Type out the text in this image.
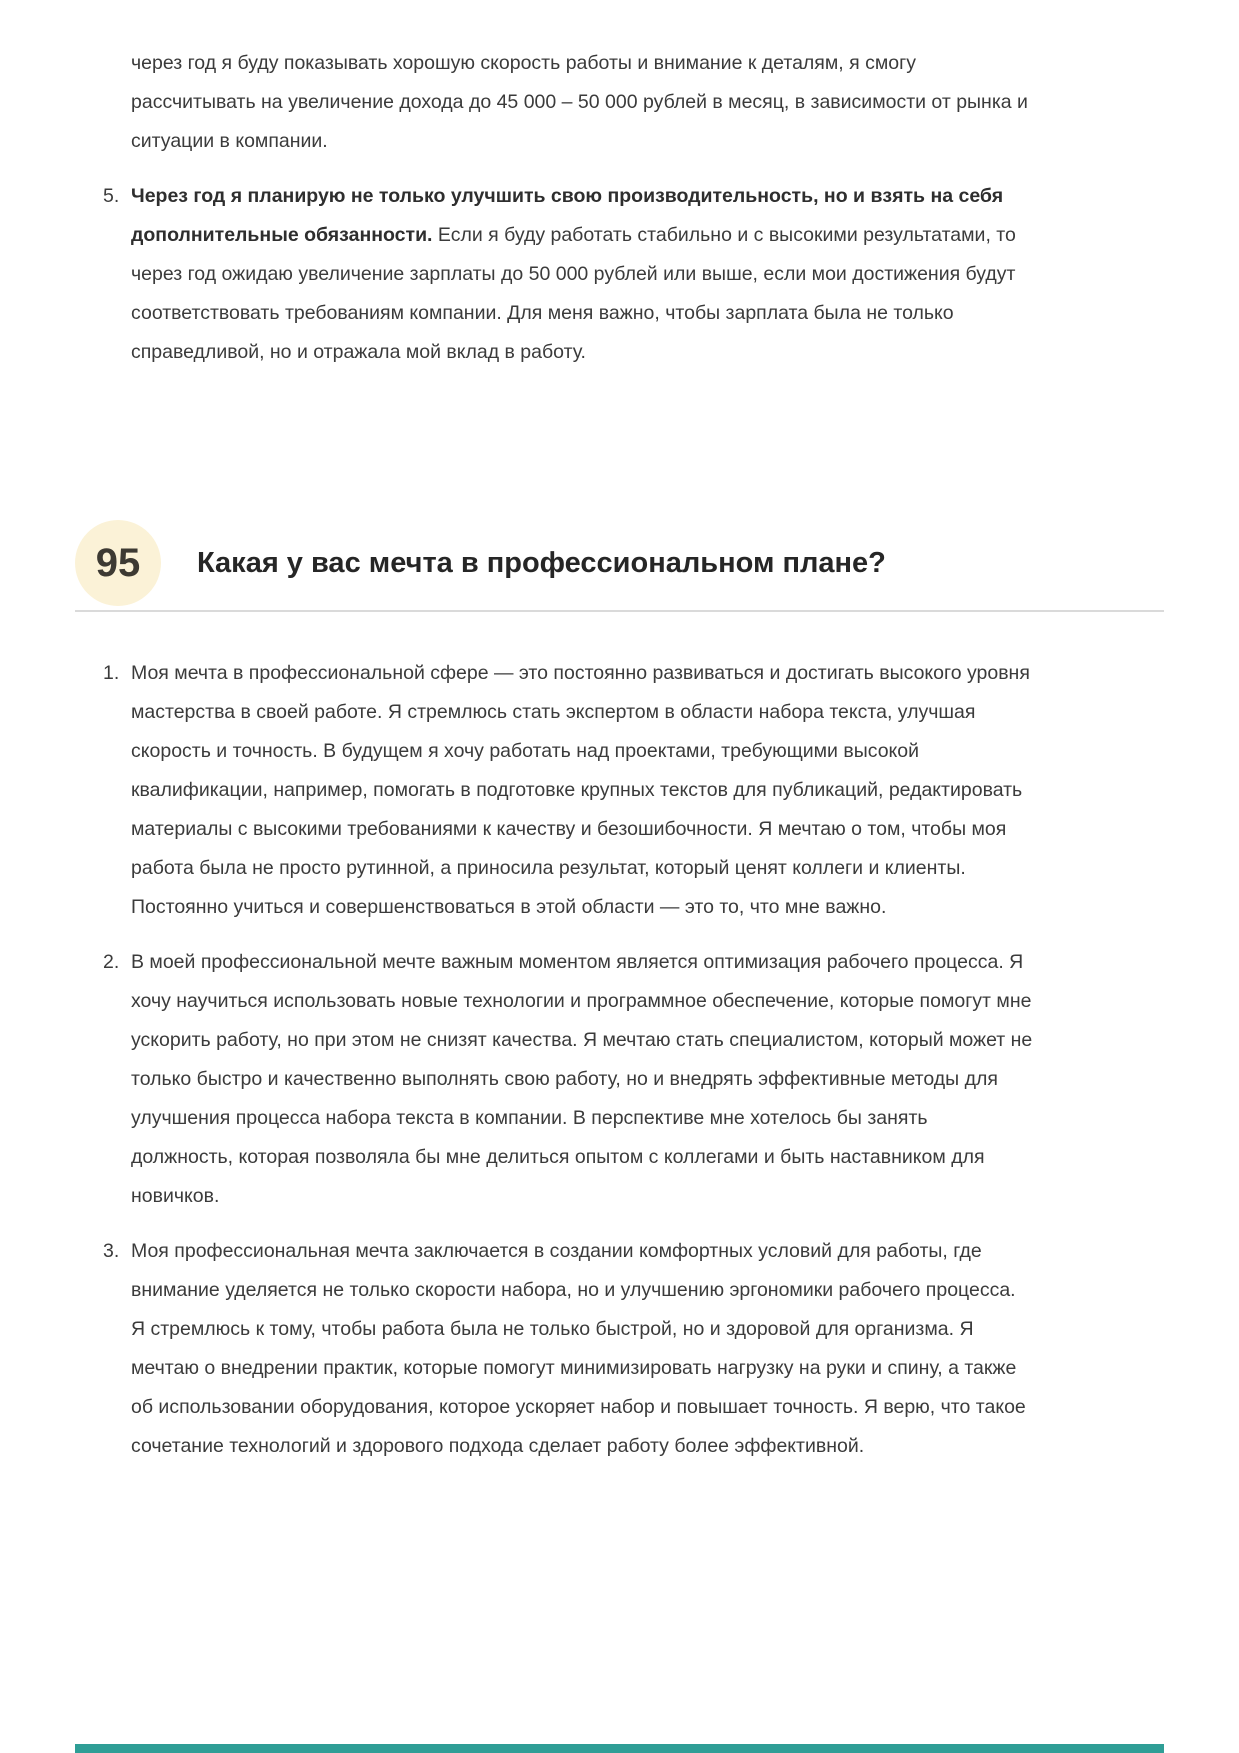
через год я буду показывать хорошую скорость работы и внимание к деталям, я смогу рассчитывать на увеличение дохода до 45 000 – 50 000 рублей в месяц, в зависимости от рынка и ситуации в компании.

5. Через год я планирую не только улучшить свою производительность, но и взять на себя дополнительные обязанности. Если я буду работать стабильно и с высокими результатами, то через год ожидаю увеличение зарплаты до 50 000 рублей или выше, если мои достижения будут соответствовать требованиям компании. Для меня важно, чтобы зарплата была не только справедливой, но и отражала мой вклад в работу.

95 Какая у вас мечта в профессиональном плане?
1. Моя мечта в профессиональной сфере — это постоянно развиваться и достигать высокого уровня мастерства в своей работе. Я стремлюсь стать экспертом в области набора текста, улучшая скорость и точность. В будущем я хочу работать над проектами, требующими высокой квалификации, например, помогать в подготовке крупных текстов для публикаций, редактировать материалы с высокими требованиями к качеству и безошибочности. Я мечтаю о том, чтобы моя работа была не просто рутинной, а приносила результат, который ценят коллеги и клиенты. Постоянно учиться и совершенствоваться в этой области — это то, что мне важно.

2. В моей профессиональной мечте важным моментом является оптимизация рабочего процесса. Я хочу научиться использовать новые технологии и программное обеспечение, которые помогут мне ускорить работу, но при этом не снизят качества. Я мечтаю стать специалистом, который может не только быстро и качественно выполнять свою работу, но и внедрять эффективные методы для улучшения процесса набора текста в компании. В перспективе мне хотелось бы занять должность, которая позволяла бы мне делиться опытом с коллегами и быть наставником для новичков.

3. Моя профессиональная мечта заключается в создании комфортных условий для работы, где внимание уделяется не только скорости набора, но и улучшению эргономики рабочего процесса. Я стремлюсь к тому, чтобы работа была не только быстрой, но и здоровой для организма. Я мечтаю о внедрении практик, которые помогут минимизировать нагрузку на руки и спину, а также об использовании оборудования, которое ускоряет набор и повышает точность. Я верю, что такое сочетание технологий и здорового подхода сделает работу более эффективной.
